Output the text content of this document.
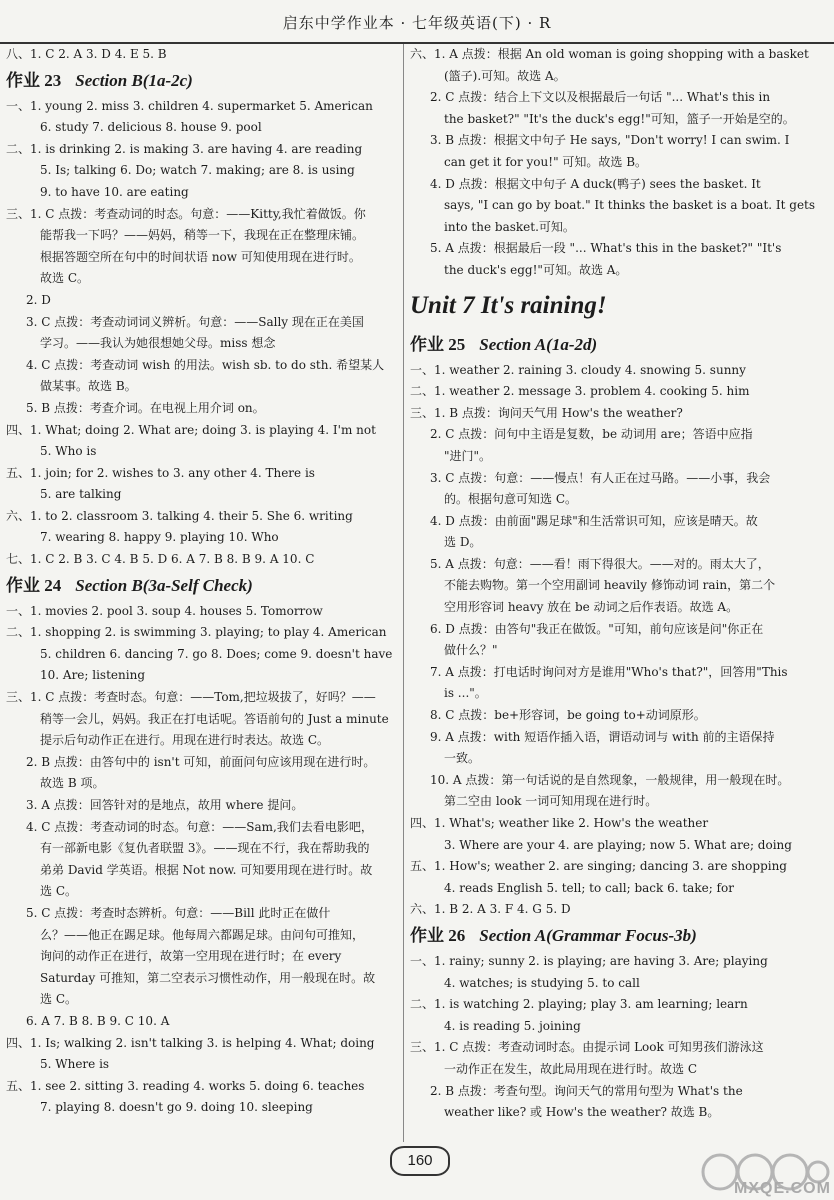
启东中学作业本 · 七年级英语(下) · R
八、1. C 2. A 3. D 4. E 5. B
作业 23 Section B(1a-2c)
一、1. young 2. miss 3. children 4. supermarket 5. American
6. study 7. delicious 8. house 9. pool
二、1. is drinking 2. is making 3. are having 4. are reading
5. Is; talking 6. Do; watch 7. making; are 8. is using
9. to have 10. are eating
三、1. C 点拨：考查动词的时态。句意：——Kitty,我忙着做饭。你
能帮我一下吗？——妈妈，稍等一下，我现在正在整理床铺。
根据答题空所在句中的时间状语 now 可知使用现在进行时。
故选 C。
2. D
3. C 点拨：考查动词词义辨析。句意：——Sally 现在正在美国
学习。——我认为她很想她父母。miss 想念
4. C 点拨：考查动词 wish 的用法。wish sb. to do sth. 希望某人
做某事。故选 B。
5. B 点拨：考查介词。在电视上用介词 on。
四、1. What; doing 2. What are; doing 3. is playing 4. I'm not
5. Who is
五、1. join; for 2. wishes to 3. any other 4. There is
5. are talking
六、1. to 2. classroom 3. talking 4. their 5. She 6. writing
7. wearing 8. happy 9. playing 10. Who
七、1. C 2. B 3. C 4. B 5. D 6. A 7. B 8. B 9. A 10. C
作业 24 Section B(3a-Self Check)
一、1. movies 2. pool 3. soup 4. houses 5. Tomorrow
二、1. shopping 2. is swimming 3. playing; to play 4. American
5. children 6. dancing 7. go 8. Does; come 9. doesn't have
10. Are; listening
三、1. C 点拨：考查时态。句意：——Tom,把垃圾拔了，好吗？——
稍等一会儿，妈妈。我正在打电话呢。答语前句的 Just a minute
提示后句动作正在进行。用现在进行时表达。故选 C。
2. B 点拨：由答句中的 isn't 可知，前面问句应该用现在进行时。
故选 B 项。
3. A 点拨：回答针对的是地点，故用 where 提问。
4. C 点拨：考查动词的时态。句意：——Sam,我们去看电影吧，
有一部新电影《复仇者联盟 3》。——现在不行，我在帮助我的
弟弟 David 学英语。根据 Not now. 可知要用现在进行时。故
选 C。
5. C 点拨：考查时态辨析。句意：——Bill 此时正在做什
么？——他正在踢足球。他每周六都踢足球。由问句可推知，
询问的动作正在进行，故第一空用现在进行时；在 every
Saturday 可推知，第二空表示习惯性动作，用一般现在时。故
选 C。
6. A 7. B 8. B 9. C 10. A
四、1. Is; walking 2. isn't talking 3. is helping 4. What; doing
5. Where is
五、1. see 2. sitting 3. reading 4. works 5. doing 6. teaches
7. playing 8. doesn't go 9. doing 10. sleeping
六、1. A 点拨：根据 An old woman is going shopping with a basket
(篮子).可知。故选 A。
2. C 点拨：结合上下文以及根据最后一句话 "... What's this in
the basket?" "It's the duck's egg!"可知，篮子一开始是空的。
3. B 点拨：根据文中句子 He says, "Don't worry! I can swim. I
can get it for you!" 可知。故选 B。
4. D 点拨：根据文中句子 A duck(鸭子) sees the basket. It
says, "I can go by boat." It thinks the basket is a boat. It gets
into the basket.可知。
5. A 点拨：根据最后一段 "... What's this in the basket?" "It's
the duck's egg!"可知。故选 A。
Unit 7 It's raining!
作业 25 Section A(1a-2d)
一、1. weather 2. raining 3. cloudy 4. snowing 5. sunny
二、1. weather 2. message 3. problem 4. cooking 5. him
三、1. B 点拨：询问天气用 How's the weather?
2. C 点拨：问句中主语是复数，be 动词用 are；答语中应指
"进门"。
3. C 点拨：句意：——慢点！有人正在过马路。——小事，我会
的。根据句意可知选 C。
4. D 点拨：由前面"踢足球"和生活常识可知，应该是晴天。故
选 D。
5. A 点拨：句意：——看！雨下得很大。——对的。雨太大了，
不能去购物。第一个空用副词 heavily 修饰动词 rain，第二个
空用形容词 heavy 放在 be 动词之后作表语。故选 A。
6. D 点拨：由答句"我正在做饭。"可知，前句应该是问"你正在
做什么？"
7. A 点拨：打电话时询问对方是谁用"Who's that?"，回答用"This
is ..."。
8. C 点拨：be+形容词，be going to+动词原形。
9. A 点拨：with 短语作插入语，谓语动词与 with 前的主语保持
一致。
10. A 点拨：第一句话说的是自然现象，一般规律，用一般现在时。
第二空由 look 一词可知用现在进行时。
四、1. What's; weather like 2. How's the weather
3. Where are your 4. are playing; now 5. What are; doing
五、1. How's; weather 2. are singing; dancing 3. are shopping
4. reads English 5. tell; to call; back 6. take; for
六、1. B 2. A 3. F 4. G 5. D
作业 26 Section A(Grammar Focus-3b)
一、1. rainy; sunny 2. is playing; are having 3. Are; playing
4. watches; is studying 5. to call
二、1. is watching 2. playing; play 3. am learning; learn
4. is reading 5. joining
三、1. C 点拨：考查动词时态。由提示词 Look 可知男孩们游泳这
一动作正在发生，故此局用现在进行时。故选 C
2. B 点拨：考查句型。询问天气的常用句型为 What's the
weather like? 或 How's the weather? 故选 B。
160
MXQE.COM
